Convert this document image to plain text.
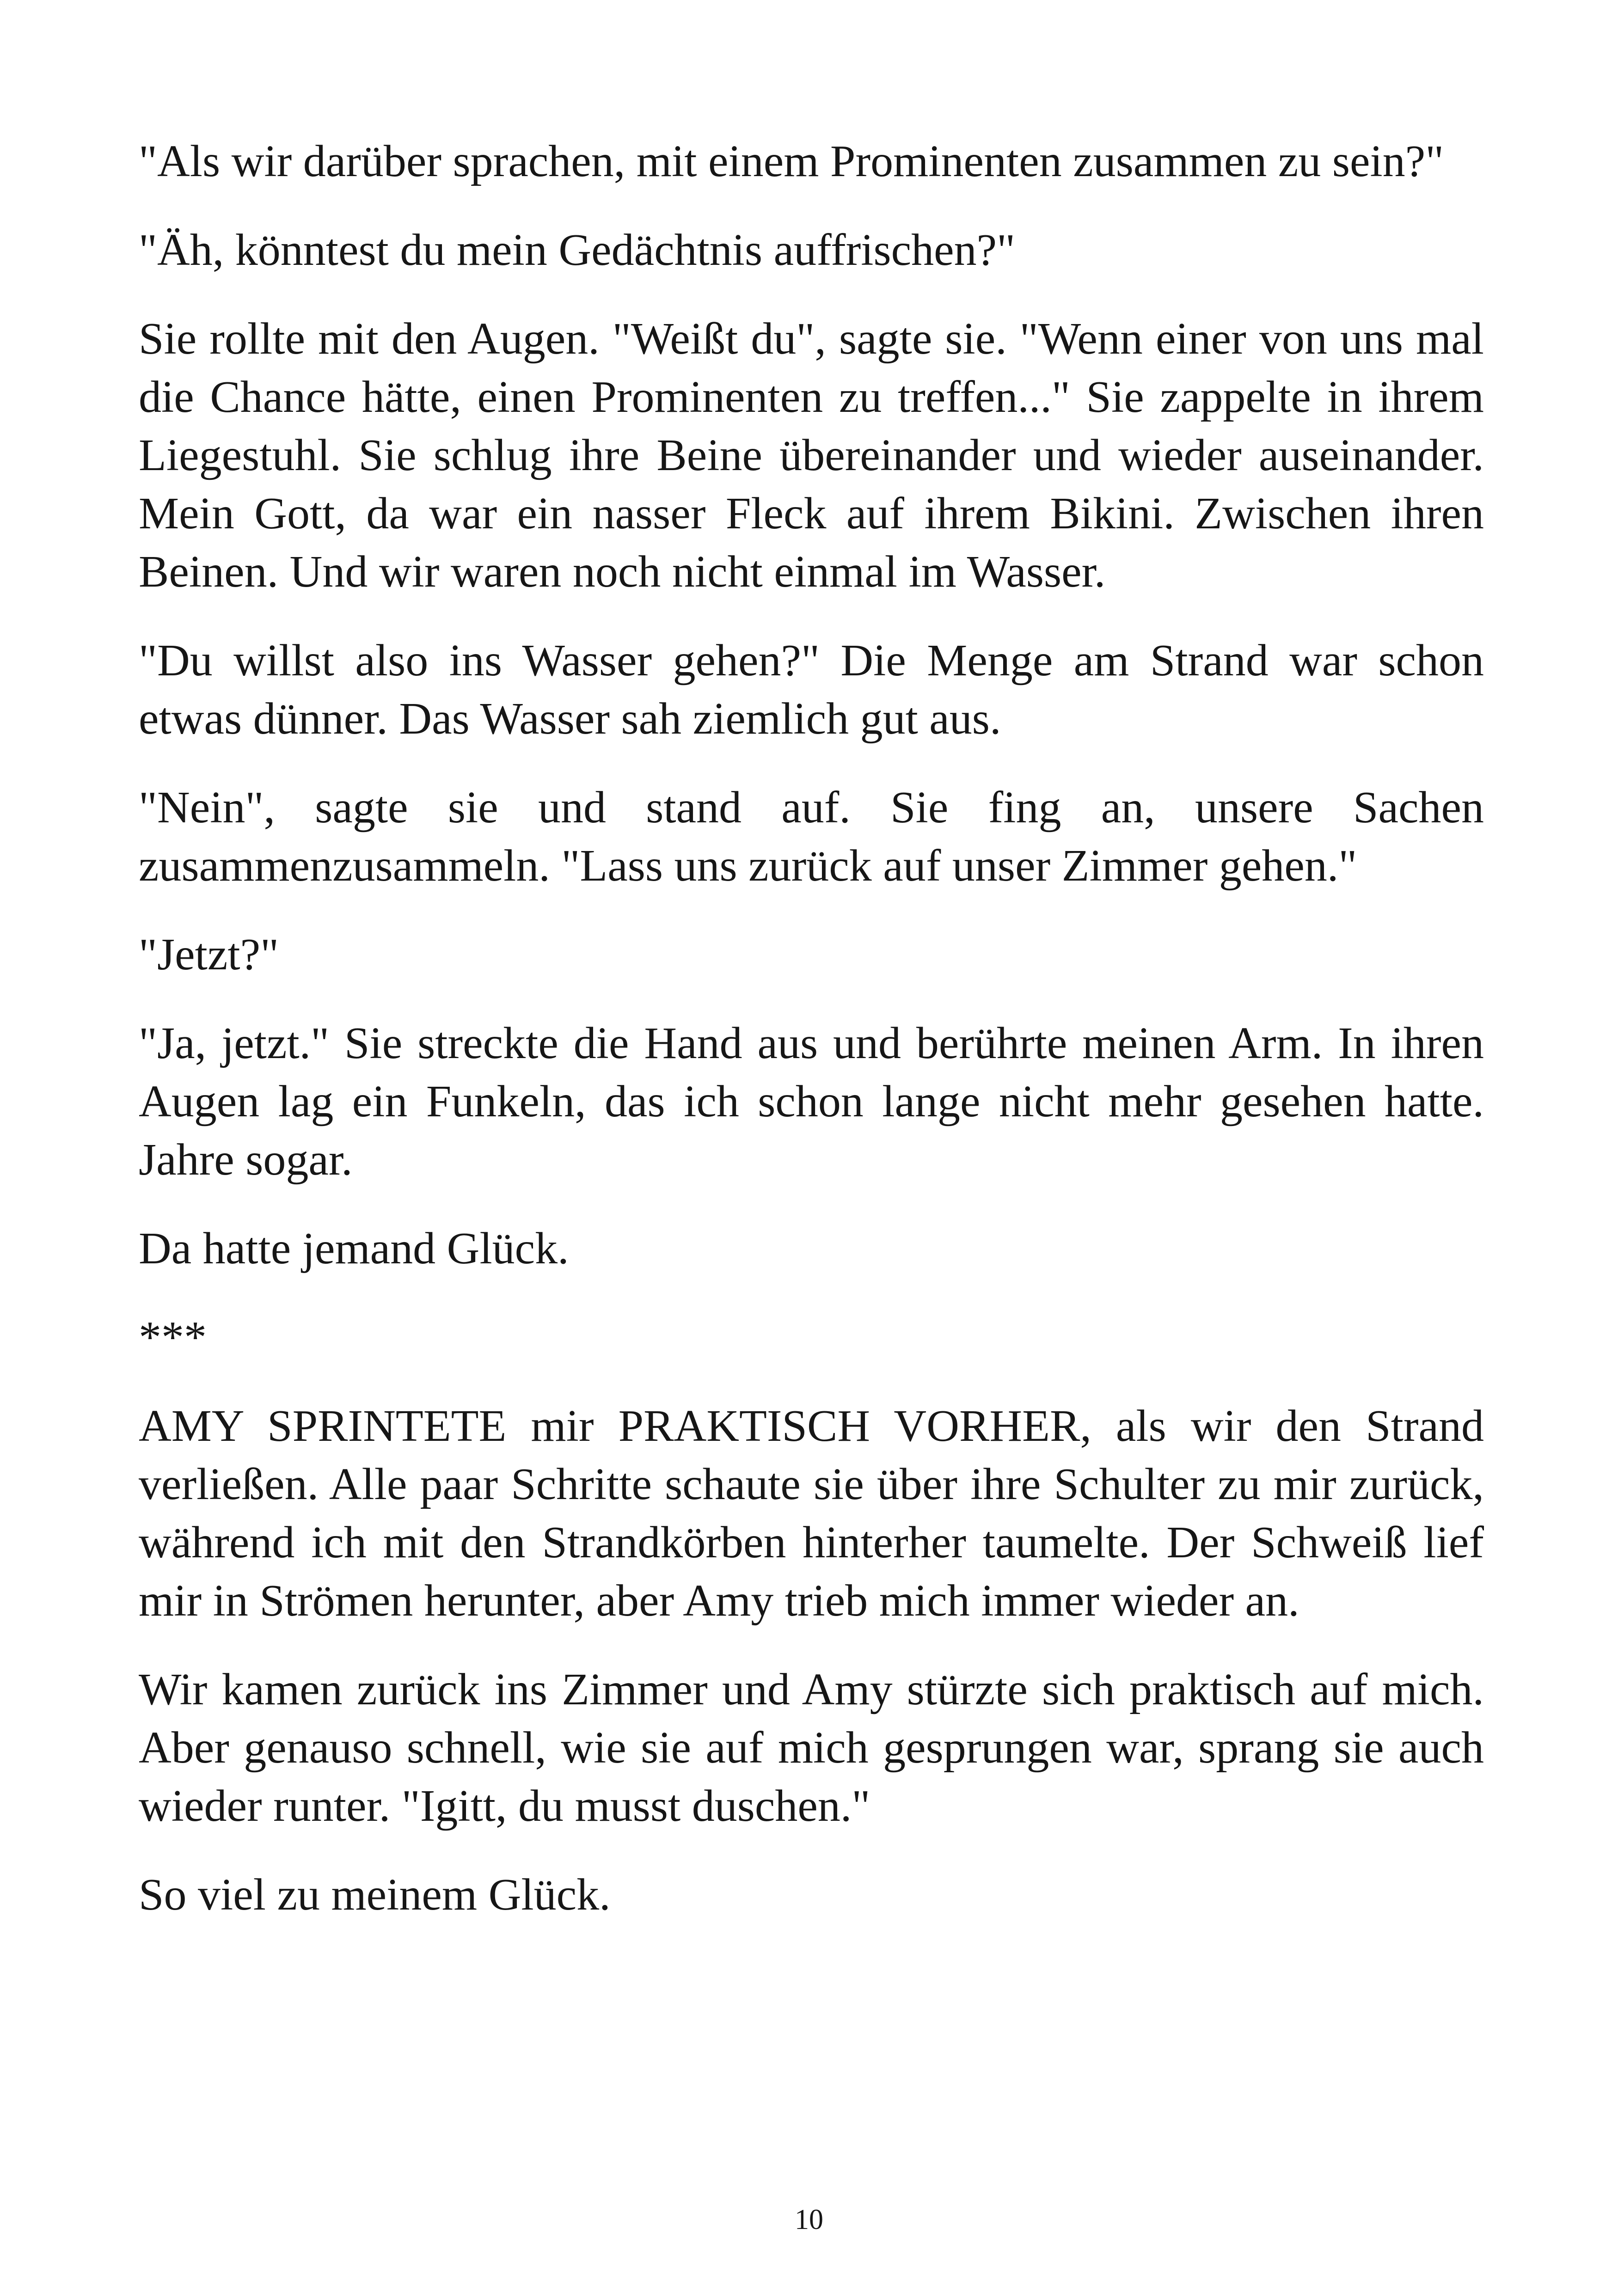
"Als wir darüber sprachen, mit einem Prominenten zusammen zu sein?"

"Äh, könntest du mein Gedächtnis auffrischen?"

Sie rollte mit den Augen. "Weißt du", sagte sie. "Wenn einer von uns mal die Chance hätte, einen Prominenten zu treffen..." Sie zappelte in ihrem Liegestuhl. Sie schlug ihre Beine übereinander und wieder auseinander. Mein Gott, da war ein nasser Fleck auf ihrem Bikini. Zwischen ihren Beinen. Und wir waren noch nicht einmal im Wasser.

"Du willst also ins Wasser gehen?" Die Menge am Strand war schon etwas dünner. Das Wasser sah ziemlich gut aus.

"Nein", sagte sie und stand auf. Sie fing an, unsere Sachen zusammenzusammeln. "Lass uns zurück auf unser Zimmer gehen."

"Jetzt?"

"Ja, jetzt." Sie streckte die Hand aus und berührte meinen Arm. In ihren Augen lag ein Funkeln, das ich schon lange nicht mehr gesehen hatte. Jahre sogar.

Da hatte jemand Glück.

***

AMY SPRINTETE mir PRAKTISCH VORHER, als wir den Strand verließen. Alle paar Schritte schaute sie über ihre Schulter zu mir zurück, während ich mit den Strandkörben hinterher taumelte. Der Schweiß lief mir in Strömen herunter, aber Amy trieb mich immer wieder an.

Wir kamen zurück ins Zimmer und Amy stürzte sich praktisch auf mich. Aber genauso schnell, wie sie auf mich gesprungen war, sprang sie auch wieder runter. "Igitt, du musst duschen."

So viel zu meinem Glück.

10
